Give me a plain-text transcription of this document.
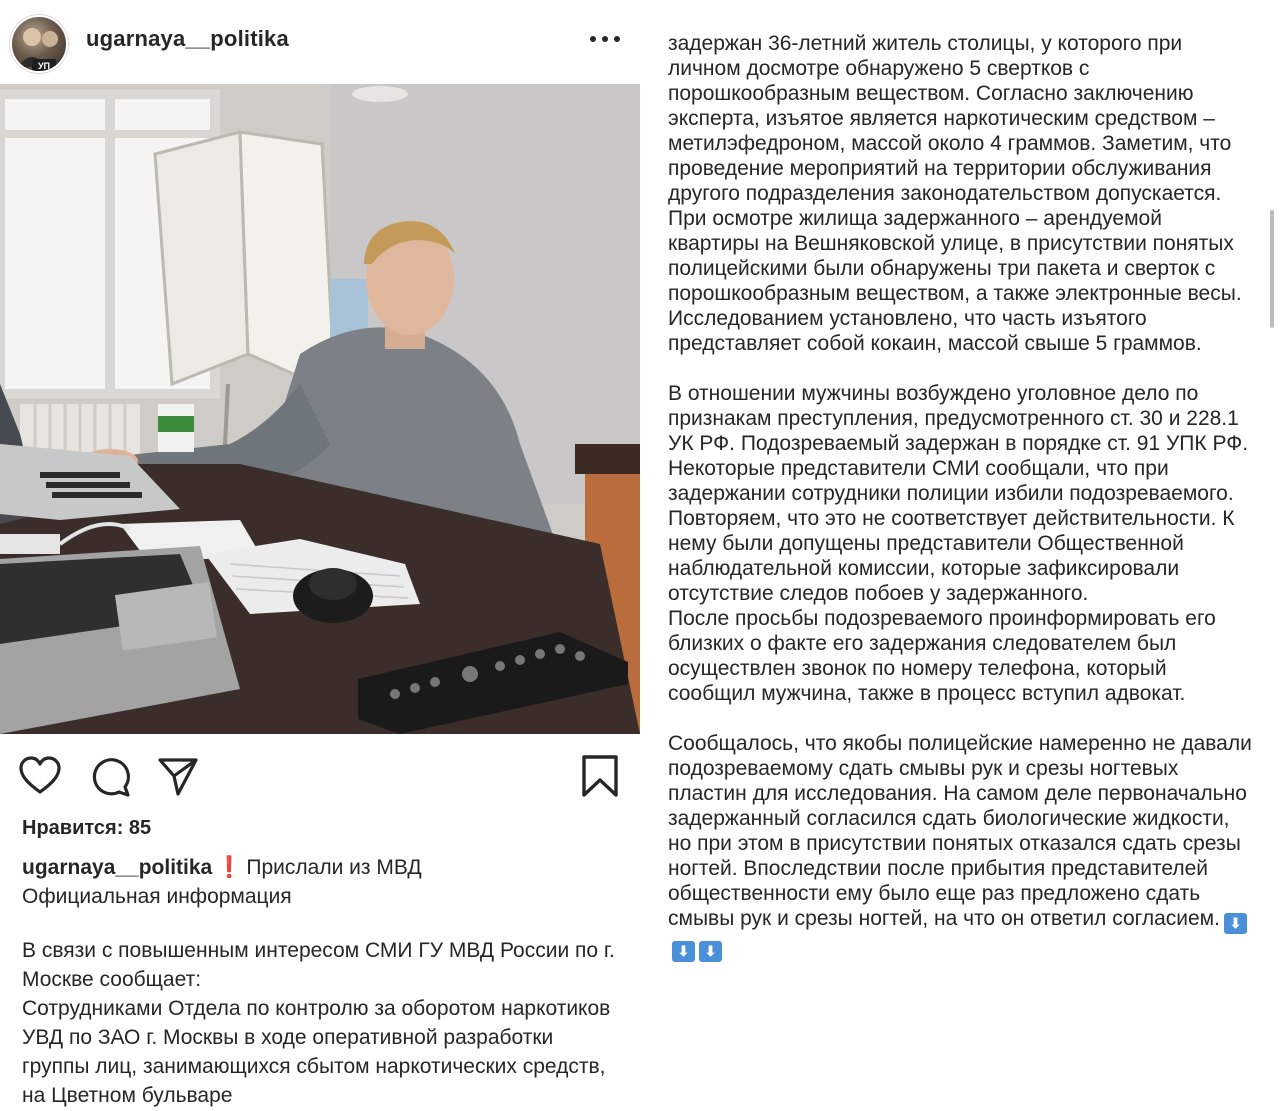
УП
ugarnaya__politika
Нравится: 85

ugarnaya__politika ❗ Прислали из МВД

Официальная информация

В связи с повышенным интересом СМИ ГУ МВД России по г. Москве сообщает:

Сотрудниками Отдела по контролю за оборотом наркотиков УВД по ЗАО г. Москвы в ходе оперативной разработки группы лиц, занимающихся сбытом наркотических средств, на Цветном бульваре

задержан 36-летний житель столицы, у которого при личном досмотре обнаружено 5 свертков с порошкообразным веществом. Согласно заключению эксперта, изъятое является наркотическим средством – метилэфедроном, массой около 4 граммов. Заметим, что проведение мероприятий на территории обслуживания другого подразделения законодательством допускается.

При осмотре жилища задержанного – арендуемой квартиры на Вешняковской улице, в присутствии понятых полицейскими были обнаружены три пакета и сверток с порошкообразным веществом, а также электронные весы. Исследованием установлено, что часть изъятого представляет собой кокаин, массой свыше 5 граммов.

В отношении мужчины возбуждено уголовное дело по признакам преступления, предусмотренного ст. 30 и 228.1 УК РФ. Подозреваемый задержан в порядке ст. 91 УПК РФ.

Некоторые представители СМИ сообщали, что при задержании сотрудники полиции избили подозреваемого. Повторяем, что это не соответствует действительности. К нему были допущены представители Общественной наблюдательной комиссии, которые зафиксировали отсутствие следов побоев у задержанного.

После просьбы подозреваемого проинформировать его близких о факте его задержания следователем был осуществлен звонок по номеру телефона, который сообщил мужчина, также в процесс вступил адвокат.

Сообщалось, что якобы полицейские намеренно не давали подозреваемому сдать смывы рук и срезы ногтевых пластин для исследования. На самом деле первоначально задержанный согласился сдать биологические жидкости, но при этом в присутствии понятых отказался сдать срезы ногтей. Впоследствии после прибытия представителей общественности ему было еще раз предложено сдать смывы рук и срезы ногтей, на что он ответил согласием. ⬇⬇ ⬇
